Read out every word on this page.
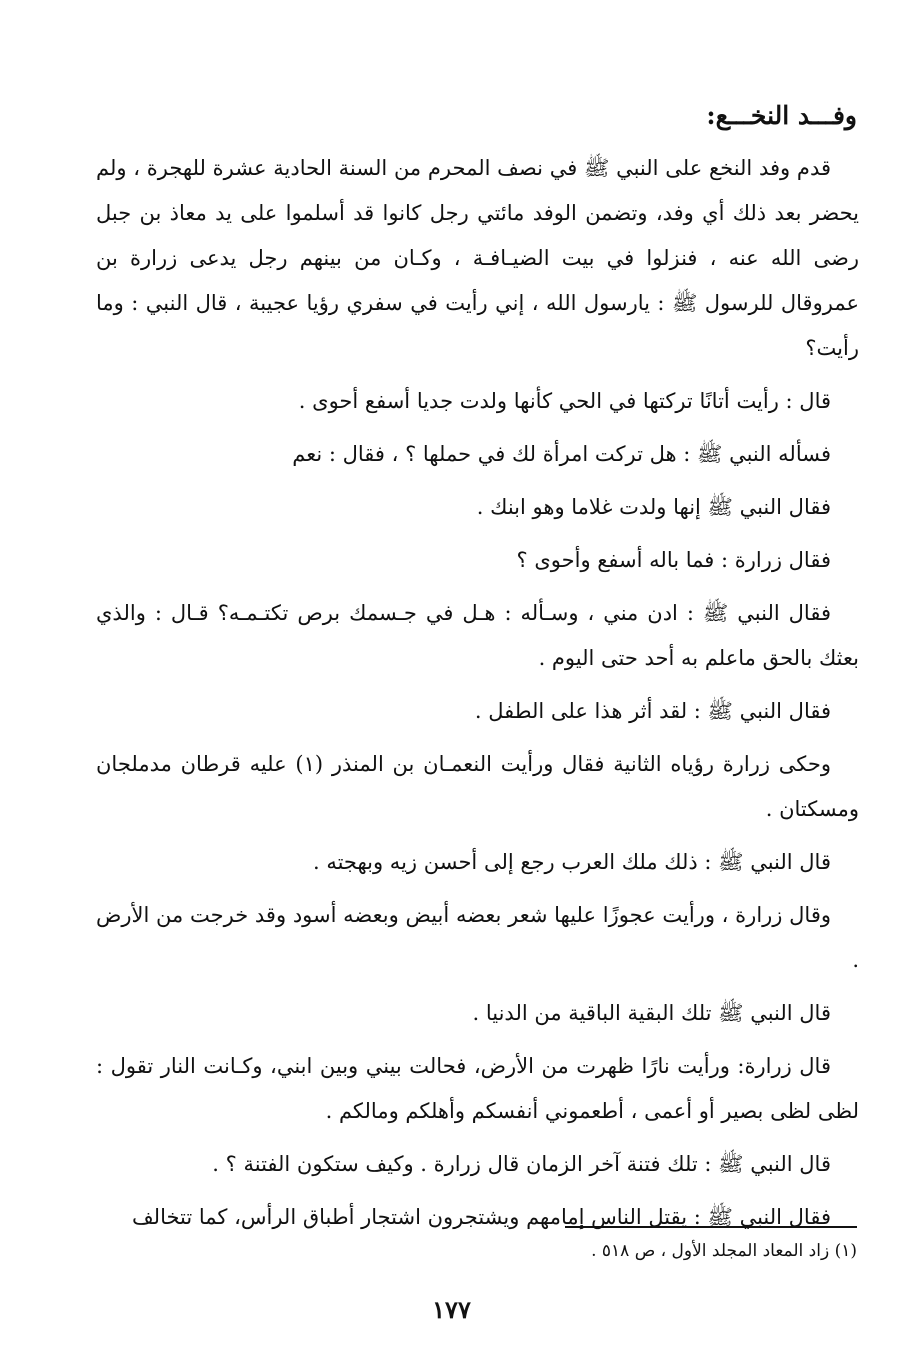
وفـــد النخـــع:

قدم وفد النخع على النبي ﷺ في نصف المحرم من السنة الحادية عشرة للهجرة ، ولم يحضر بعد ذلك أي وفد، وتضمن الوفد مائتي رجل كانوا قد أسلموا على يد معاذ بن جبل رضى الله عنه ، فنزلوا في بيت الضيـافـة ، وكـان من بينهم رجل يدعى زرارة بن عمروقال للرسول ﷺ : يارسول الله ، إني رأيت في سفري رؤيا عجيبة ، قال النبي : وما رأيت؟

قال : رأيت أتانًا تركتها في الحي كأنها ولدت جديا أسفع أحوى .

فسأله النبي ﷺ : هل تركت امرأة لك في حملها ؟ ، فقال : نعم

فقال النبي ﷺ إنها ولدت غلاما وهو ابنك .

فقال زرارة : فما باله أسفع وأحوى ؟

فقال النبي ﷺ : ادن مني ، وسـأله : هـل في جـسمك برص تكتـمـه؟ قـال : والذي بعثك بالحق ماعلم به أحد حتى اليوم .

فقال النبي ﷺ : لقد أثر هذا على الطفل .

وحكى زرارة رؤياه الثانية فقال ورأيت النعمـان بن المنذر (١) عليه قرطان مدملجان ومسكتان .

قال النبي ﷺ : ذلك ملك العرب رجع إلى أحسن زيه وبهجته .

وقال زرارة ، ورأيت عجوزًا عليها شعر بعضه أبيض وبعضه أسود وقد خرجت من الأرض .

قال النبي ﷺ تلك البقية الباقية من الدنيا .

قال زرارة: ورأيت نارًا ظهرت من الأرض، فحالت بيني وبين ابني، وكـانت النار تقول : لظى لظى بصير أو أعمى ، أطعموني أنفسكم وأهلكم ومالكم .

قال النبي ﷺ : تلك فتنة آخر الزمان قال زرارة . وكيف ستكون الفتنة ؟ .

فقال النبي ﷺ : يقتل الناس إمامهم ويشتجرون اشتجار أطباق الرأس، كما تتخالف

(١) زاد المعاد المجلد الأول ، ص ٥١٨ .
١٧٧
